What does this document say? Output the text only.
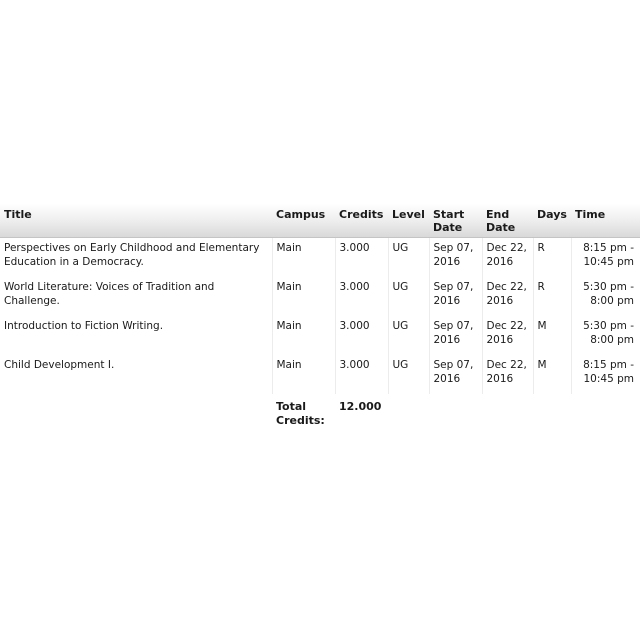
Title	Campus	Credits	Level	Start Date	End Date	Days	Time
Perspectives on Early Childhood and Elementary Education in a Democracy.	Main	3.000	UG	Sep 07, 2016	Dec 22, 2016	R	8:15 pm - 10:45 pm
World Literature: Voices of Tradition and Challenge.	Main	3.000	UG	Sep 07, 2016	Dec 22, 2016	R	5:30 pm - 8:00 pm
Introduction to Fiction Writing.	Main	3.000	UG	Sep 07, 2016	Dec 22, 2016	M	5:30 pm - 8:00 pm
Child Development I.	Main	3.000	UG	Sep 07, 2016	Dec 22, 2016	M	8:15 pm - 10:45 pm
	Total Credits:	12.000					
